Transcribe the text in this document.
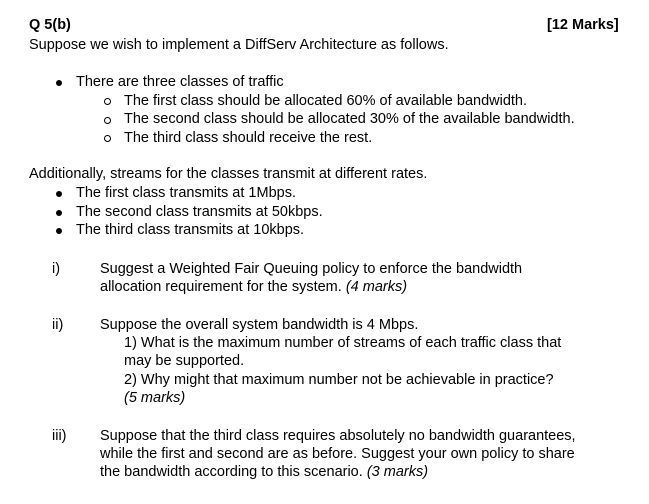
Q 5(b)	[12 Marks]
Suppose we wish to implement a DiffServ Architecture as follows.
There are three classes of traffic
The first class should be allocated 60% of available bandwidth.
The second class should be allocated 30% of the available bandwidth.
The third class should receive the rest.
Additionally, streams for the classes transmit at different rates.
The first class transmits at 1Mbps.
The second class transmits at 50kbps.
The third class transmits at 10kbps.
i)	Suggest a Weighted Fair Queuing policy to enforce the bandwidth
allocation requirement for the system. (4 marks)
ii)	Suppose the overall system bandwidth is 4 Mbps.
1) What is the maximum number of streams of each traffic class that
may be supported.
2) Why might that maximum number not be achievable in practice?
(5 marks)
iii) Suppose that the third class requires absolutely no bandwidth guarantees,
while the first and second are as before. Suggest your own policy to share
the bandwidth according to this scenario. (3 marks)
